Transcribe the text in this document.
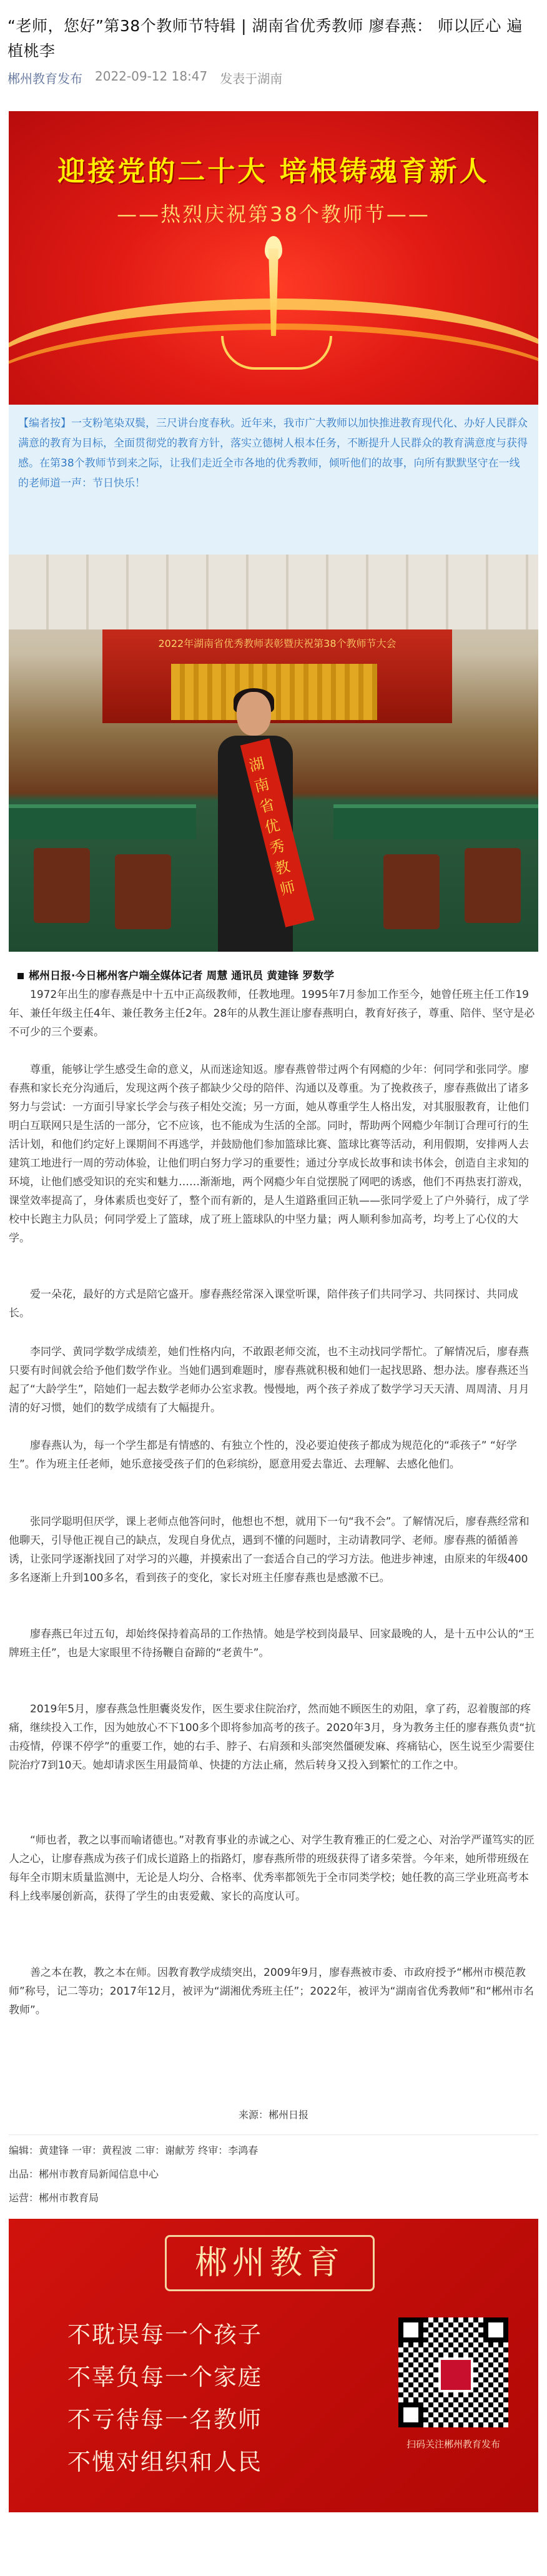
“老师，您好”第38个教师节特辑 | 湖南省优秀教师 廖春燕： 师以匠心 遍植桃李
郴州教育发布 2022-09-12 18:47 发表于湖南
迎接党的二十大 培根铸魂育新人
——热烈庆祝第38个教师节——
【编者按】一支粉笔染双鬓，三尺讲台度春秋。近年来，我市广大教师以加快推进教育现代化、办好人民群众满意的教育为目标，全面贯彻党的教育方针，落实立德树人根本任务，不断提升人民群众的教育满意度与获得感。在第38个教师节到来之际，让我们走近全市各地的优秀教师，倾听他们的故事，向所有默默坚守在一线的老师道一声：节日快乐！
2022年湖南省优秀教师表彰暨庆祝第38个教师节大会
湖南省优秀教师
郴州日报·今日郴州客户端全媒体记者 周慧 通讯员 黄建锋 罗数学

1972年出生的廖春燕是中十五中正高级教师，任教地理。1995年7月参加工作至今，她曾任班主任工作19年、兼任年级主任4年、兼任教务主任2年。28年的从教生涯让廖春燕明白，教育好孩子，尊重、陪伴、坚守是必不可少的三个要素。

尊重，能够让学生感受生命的意义，从而迷途知返。廖春燕曾带过两个有网瘾的少年：何同学和张同学。廖春燕和家长充分沟通后，发现这两个孩子都缺少父母的陪伴、沟通以及尊重。为了挽救孩子，廖春燕做出了诸多努力与尝试：一方面引导家长学会与孩子相处交流；另一方面，她从尊重学生人格出发，对其服服教育，让他们明白互联网只是生活的一部分，它不应该，也不能成为生活的全部。同时，帮助两个网瘾少年制订合理可行的生活计划，和他们约定好上课期间不再逃学，并鼓励他们参加篮球比赛、篮球比赛等活动，利用假期，安排两人去建筑工地进行一周的劳动体验，让他们明白努力学习的重要性；通过分享成长故事和读书体会，创造自主求知的环境，让他们感受知识的充实和魅力……渐渐地，两个网瘾少年自觉摆脱了网吧的诱惑，他们不再热衷打游戏，课堂效率提高了，身体素质也变好了，整个而有新的，是人生道路重回正轨——张同学爱上了户外骑行，成了学校中长跑主力队员；何同学爱上了篮球，成了班上篮球队的中坚力量；两人顺利参加高考，均考上了心仪的大学。

爱一朵花，最好的方式是陪它盛开。廖春燕经常深入课堂听课，陪伴孩子们共同学习、共同探讨、共同成长。

李同学、黄同学数学成绩差，她们性格内向，不敢跟老师交流，也不主动找同学帮忙。了解情况后，廖春燕只要有时间就会给予他们数学作业。当她们遇到难题时，廖春燕就积极和她们一起找思路、想办法。廖春燕还当起了“大龄学生”，陪她们一起去数学老师办公室求教。慢慢地，两个孩子养成了数学学习天天清、周周清、月月清的好习惯，她们的数学成绩有了大幅提升。

廖春燕认为，每一个学生都是有情感的、有独立个性的，没必要迫使孩子都成为规范化的“乖孩子” “好学生”。作为班主任老师，她乐意接受孩子们的色彩缤纷，愿意用爱去靠近、去理解、去感化他们。

张同学聪明但厌学，课上老师点他答问时，他想也不想，就用下一句“我不会”。了解情况后，廖春燕经常和他聊天，引导他正视自己的缺点，发现自身优点，遇到不懂的问题时，主动请教同学、老师。廖春燕的循循善诱，让张同学逐渐找回了对学习的兴趣，并摸索出了一套适合自己的学习方法。他进步神速，由原来的年级400多名逐渐上升到100多名，看到孩子的变化，家长对班主任廖春燕也是感激不已。

廖春燕已年过五旬，却始终保持着高昂的工作热情。她是学校到岗最早、回家最晚的人，是十五中公认的“王牌班主任”，也是大家眼里不待扬鞭自奋蹄的“老黄牛”。

2019年5月，廖春燕急性胆囊炎发作，医生要求住院治疗，然而她不顾医生的劝阻，拿了药，忍着腹部的疼痛，继续投入工作，因为她放心不下100多个即将参加高考的孩子。2020年3月，身为教务主任的廖春燕负责“抗击疫情，停课不停学”的重要工作，她的右手、脖子、右肩颈和头部突然僵硬发麻、疼痛钻心，医生说至少需要住院治疗7到10天。她却请求医生用最简单、快捷的方法止痛，然后转身又投入到繁忙的工作之中。

“师也者，教之以事而喻诸德也。”对教育事业的赤诚之心、对学生教育雅正的仁爱之心、对治学严谨笃实的匠人之心，让廖春燕成为孩子们成长道路上的指路灯，廖春燕所带的班级获得了诸多荣誉。今年来，她所带班级在每年全市期末质量监测中，无论是人均分、合格率、优秀率都领先于全市同类学校；她任教的高三学业班高考本科上线率屡创新高，获得了学生的由衷爱戴、家长的高度认可。

善之本在教，教之本在师。因教育教学成绩突出，2009年9月，廖春燕被市委、市政府授予“郴州市模范教师”称号，记二等功；2017年12月，被评为“湖湘优秀班主任”；2022年，被评为“湖南省优秀教师”和“郴州市名教师”。

来源：郴州日报
编辑：黄建锋 一审：黄程波 二审：谢献芳 终审：李鸿春
出品：郴州市教育局新闻信息中心
运营：郴州市教育局
郴州教育
不耽误每一个孩子
不辜负每一个家庭
不亏待每一名教师
不愧对组织和人民
扫码关注郴州教育发布
